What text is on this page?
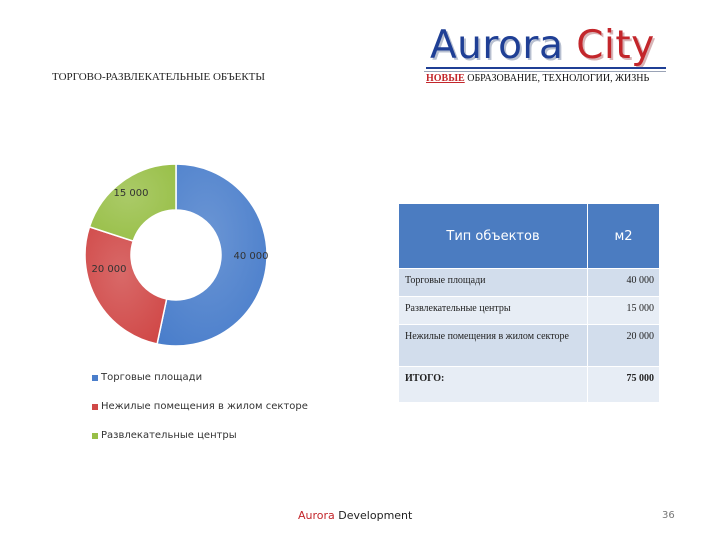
Aurora City
НОВЫЕ ОБРАЗОВАНИЕ, ТЕХНОЛОГИИ, ЖИЗНЬ
ТОРГОВО-РАЗВЛЕКАТЕЛЬНЫЕ ОБЪЕКТЫ
40 000
20 000
15 000
Торговые площади
Нежилые помещения в жилом секторе
Развлекательные центры
Тип объектов	м2
Торговые площади	40 000
Развлекательные центры	15 000
Нежилые помещения в жилом секторе	20 000
ИТОГО:	75 000
Aurora Development	36
